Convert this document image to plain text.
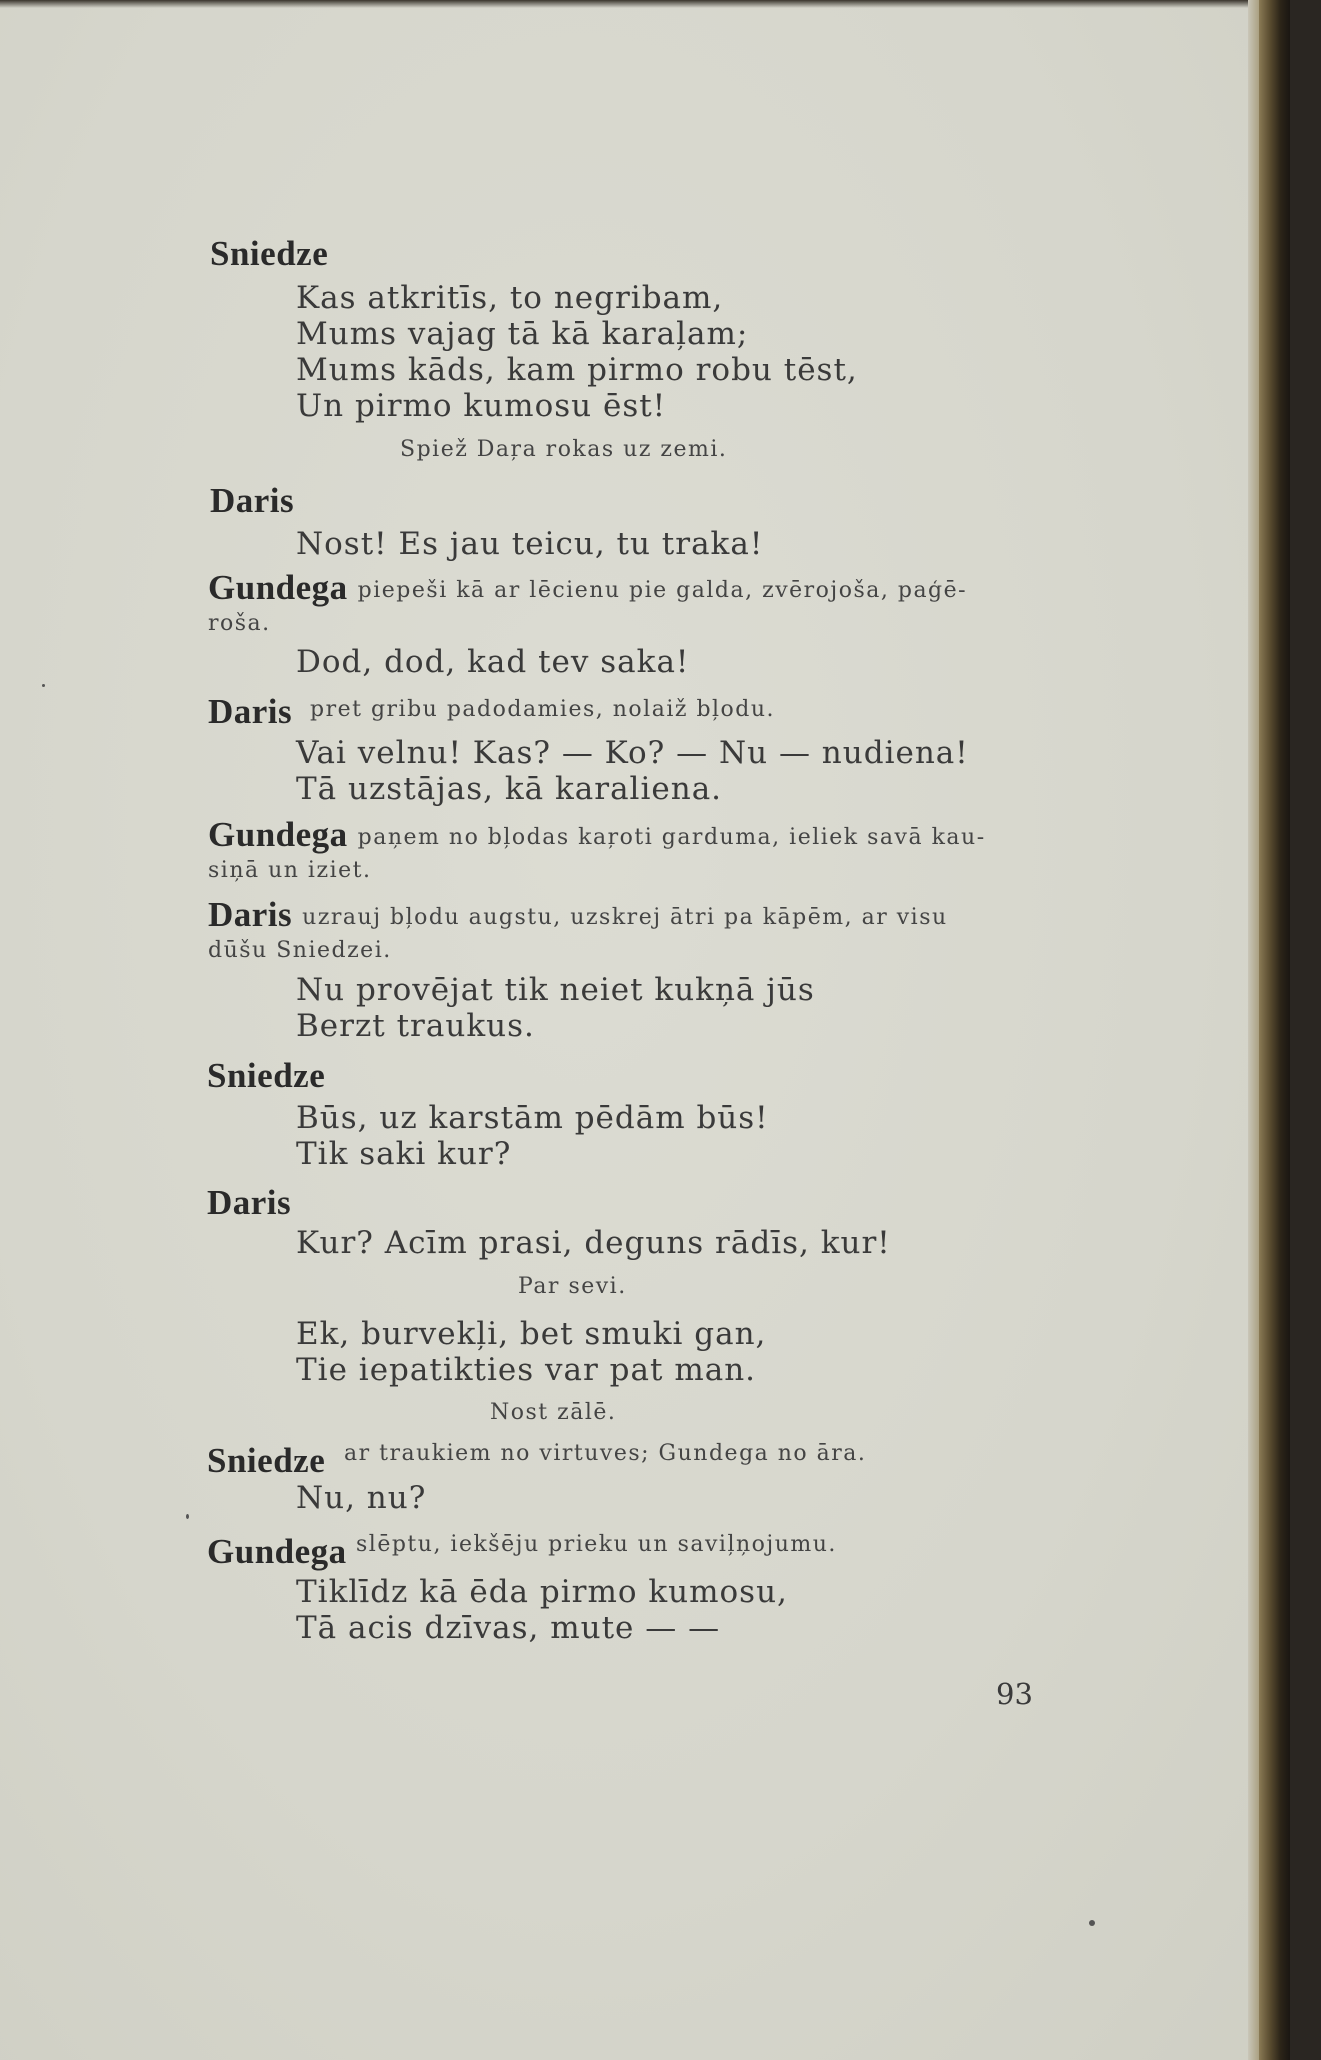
Sniedze
Kas atkritīs, to negribam,
Mums vajag tā kā karaļam;
Mums kāds, kam pirmo robu tēst,
Un pirmo kumosu ēst!
Spiež Daŗa rokas uz zemi.
Daris
Nost! Es jau teicu, tu traka!
Gundega piepeši kā ar lēcienu pie galda, zvērojoša, paģē-
roša.
Dod, dod, kad tev saka!
Daris pret gribu padodamies, nolaiž bļodu.
Vai velnu! Kas? — Ko? — Nu — nudiena!
Tā uzstājas, kā karaliena.
Gundega paņem no bļodas kaŗoti garduma, ieliek savā kau-
siņā un iziet.
Daris uzrauj bļodu augstu, uzskrej ātri pa kāpēm, ar visu
dūšu Sniedzei.
Nu provējat tik neiet kukņā jūs
Berzt traukus.
Sniedze
Būs, uz karstām pēdām būs!
Tik saki kur?
Daris
Kur? Acīm prasi, deguns rādīs, kur!
Par sevi.
Ek, burvekļi, bet smuki gan,
Tie iepatikties var pat man.
Nost zālē.
Sniedze ar traukiem no virtuves; Gundega no āra.
Nu, nu?
Gundega slēptu, iekšēju prieku un saviļņojumu.
Tiklīdz kā ēda pirmo kumosu,
Tā acis dzīvas, mute — —
93
